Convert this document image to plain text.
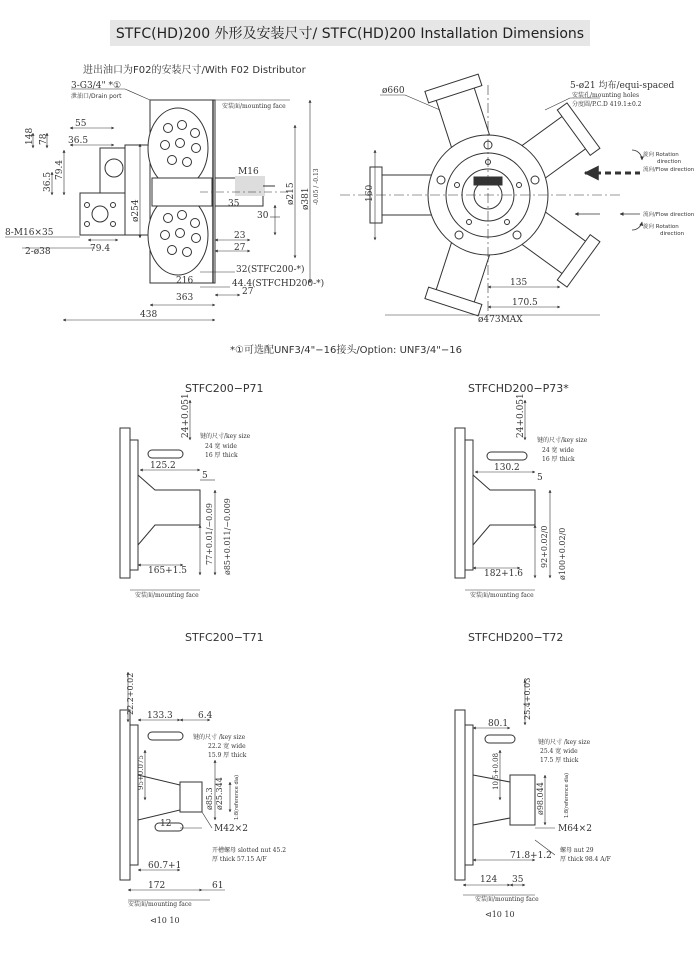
STFC(HD)200 外形及安装尺寸/ STFC(HD)200 Installation Dimensions
进出油口为F02的安装尺寸/With F02 Distributor
3-G3/4" *①
泄油口/Drain port
148 78
55
36.5
79.4
36.5
8-M16×35
2-ø38	79.4
ø254
363
438
安装面/mounting face
M16
35
30
ø215 ø381 -0.05 / -0.13
23
27
216
32(STFC200-*)
44.4(STFCHD200-*)
27
ø660	5-ø21 均布/equi-spaced
安装孔/mounting holes
分度圆/P.C.D 419.1±0.2
160
135
170.5
ø473MAX
旋向 Rotation
direction
流向/Flow direction
流向/Flow direction
旋向 Rotation
direction
*①可选配UNF3/4"−16接头/Option: UNF3/4"−16
STFC200−P71
24+0.051 键的尺寸/key size
24 宽 wide
16 厚 thick
125.2
5
165+1.5
77+0.01/−0.09 ø85+0.011/−0.009
安装面/mounting face
STFCHD200−P73*
24+0.051
键的尺寸/key size
24 宽 wide
16 厚 thick
130.2
5
182+1.6
92+0.02/0 ø100+0.02/0
安装面/mounting face
STFC200−T71
22.2+0.02
133.3	6.4
键的尺寸 /key size
22.2 宽 wide
15.9 厚 thick
12	M42×2
开槽螺母 slotted nut 45.2
厚 thick 57.15 A/F
60.7+1
172	61
95+0.075
ø25.344
ø85.3	1:8(reference dia)
安装面/mounting face
⊲10 10
STFCHD200−T72
25.4+0.03
80.1
键的尺寸 /key size
25.4 宽 wide
17.5 厚 thick
10.5+0.08
ø98.044	1:8(reference dia)
M64×2
螺母 nut 29
厚 thick 98.4 A/F
71.8+1.2
124 35
安装面/mounting face
⊲10 10
